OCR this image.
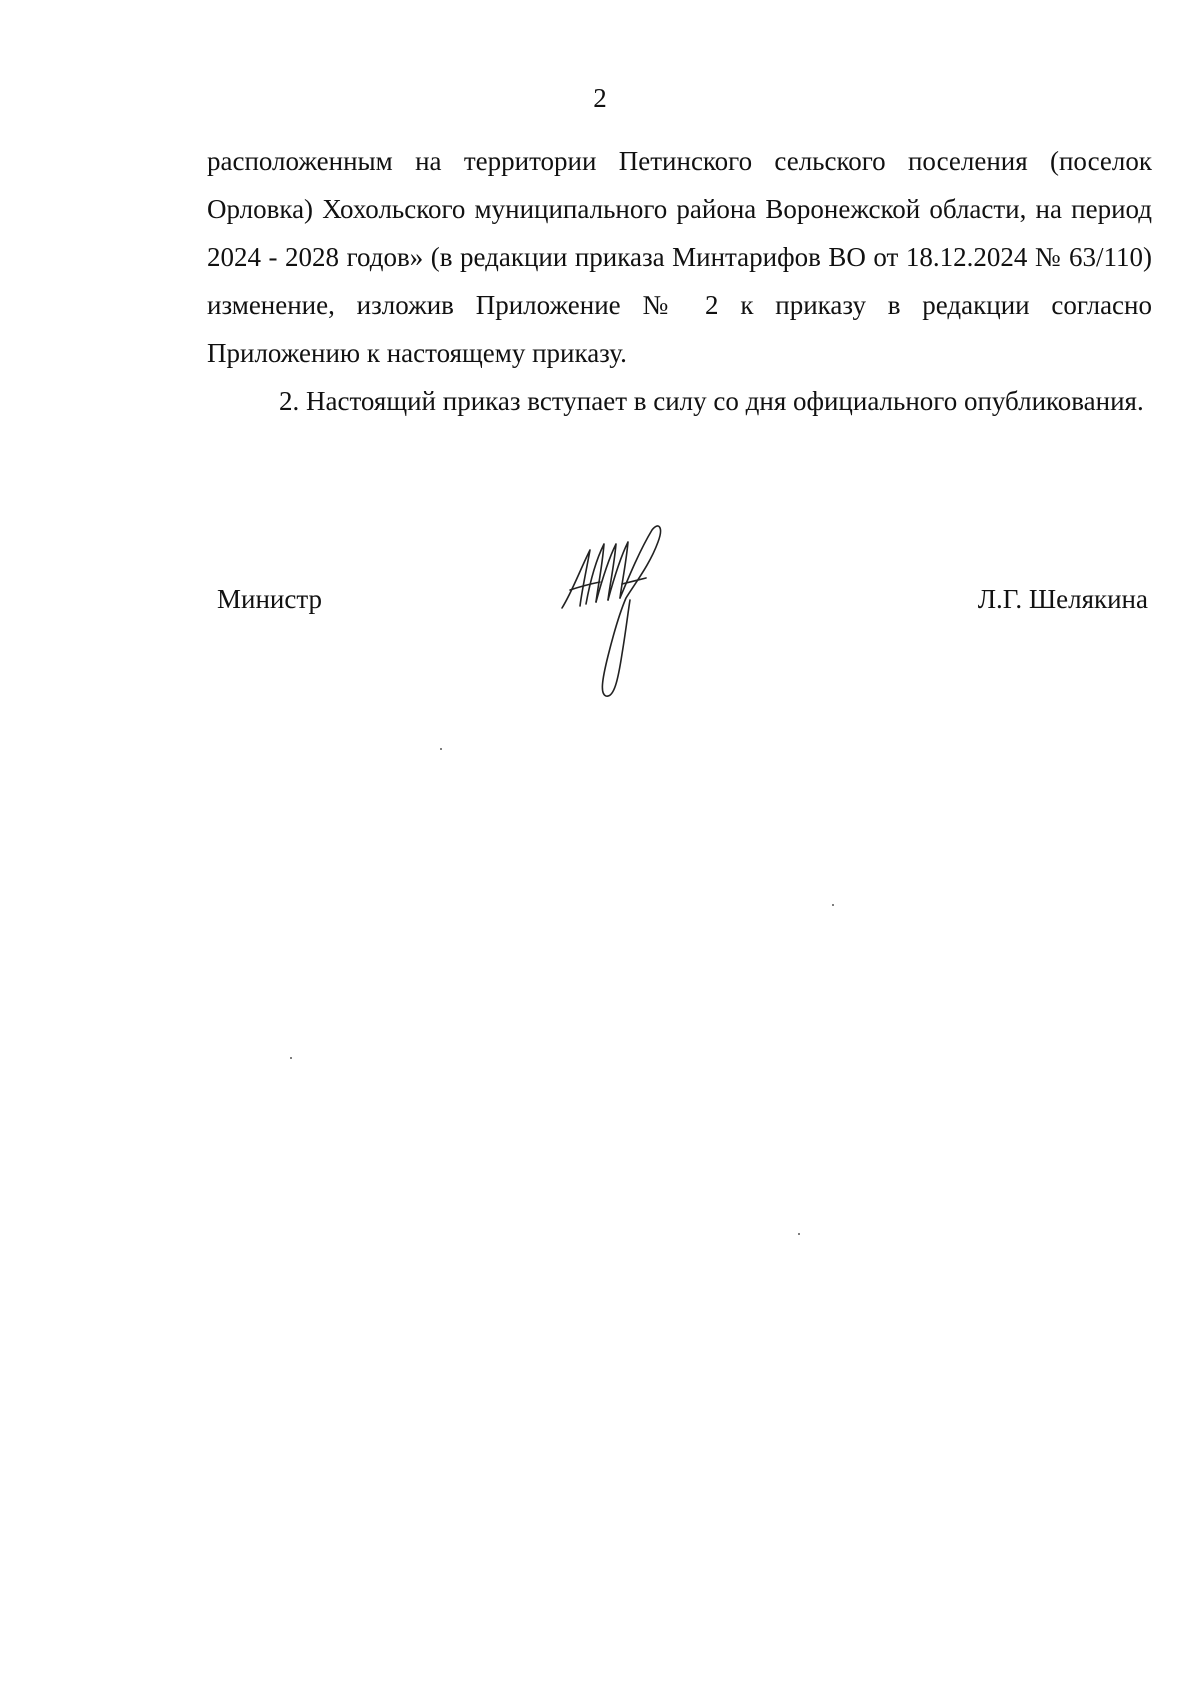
2

расположенным на территории Петинского сельского поселения (поселок Орловка) Хохольского муниципального района Воронежской области, на период 2024 - 2028 годов» (в редакции приказа Минтарифов ВО от 18.12.2024 № 63/110) изменение, изложив Приложение № 2 к приказу в редакции согласно Приложению к настоящему приказу.

2. Настоящий приказ вступает в силу со дня официального опубликования.

Министр	Л.Г. Шелякина
